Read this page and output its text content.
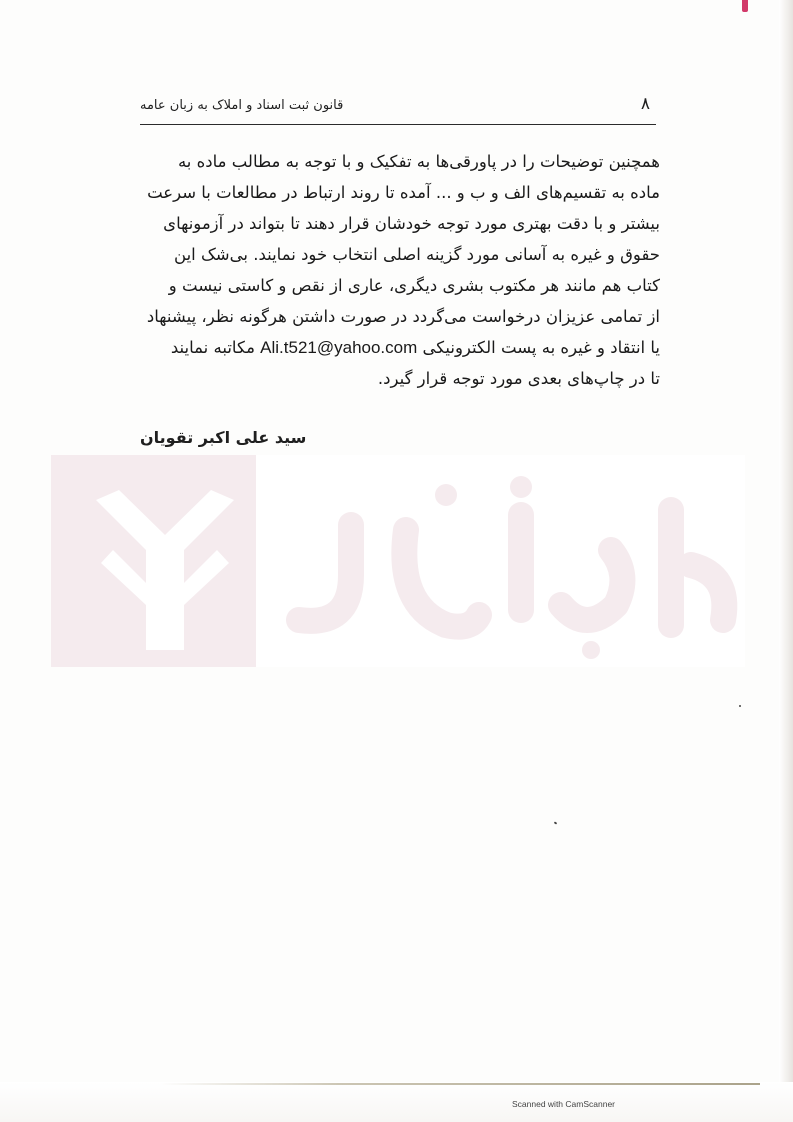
۸
قانون ثبت اسناد و املاک به زبان عامه
همچنین توضیحات را در پاورقی‌ها به تفکیک و با توجه به مطالب ماده به
ماده به تقسیم‌های الف و ب و ... آمده تا روند ارتباط در مطالعات با سرعت
بیشتر و با دقت بهتری مورد توجه خودشان قرار دهند تا بتواند در آزمونهای
حقوق و غیره به آسانی مورد گزینه اصلی انتخاب خود نمایند. بی‌شک این
کتاب هم مانند هر مکتوب بشری دیگری، عاری از نقص و کاستی نیست و
از تمامی عزیزان درخواست می‌گردد در صورت داشتن هرگونه نظر، پیشنهاد
یا انتقاد و غیره به پست الکترونیکی Ali.t521@yahoo.com مکاتبه نمایند
تا در چاپ‌های بعدی مورد توجه قرار گیرد.
سید علی اکبر تقویان
Scanned with CamScanner
